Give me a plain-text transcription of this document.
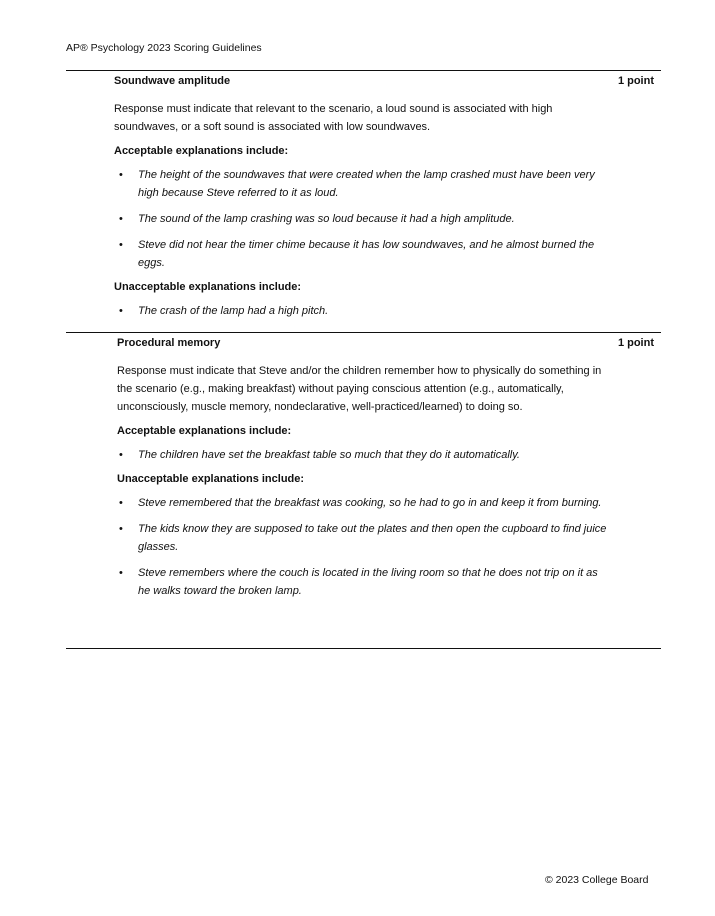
AP® Psychology 2023 Scoring Guidelines
Soundwave amplitude	1 point
Response must indicate that relevant to the scenario, a loud sound is associated with high soundwaves, or a soft sound is associated with low soundwaves.
Acceptable explanations include:
• The height of the soundwaves that were created when the lamp crashed must have been very high because Steve referred to it as loud.
• The sound of the lamp crashing was so loud because it had a high amplitude.
• Steve did not hear the timer chime because it has low soundwaves, and he almost burned the eggs.
Unacceptable explanations include:
• The crash of the lamp had a high pitch.
Procedural memory	1 point
Response must indicate that Steve and/or the children remember how to physically do something in the scenario (e.g., making breakfast) without paying conscious attention (e.g., automatically, unconsciously, muscle memory, nondeclarative, well-practiced/learned) to doing so.
Acceptable explanations include:
• The children have set the breakfast table so much that they do it automatically.
Unacceptable explanations include:
• Steve remembered that the breakfast was cooking, so he had to go in and keep it from burning.
• The kids know they are supposed to take out the plates and then open the cupboard to find juice glasses.
• Steve remembers where the couch is located in the living room so that he does not trip on it as he walks toward the broken lamp.
© 2023 College Board
